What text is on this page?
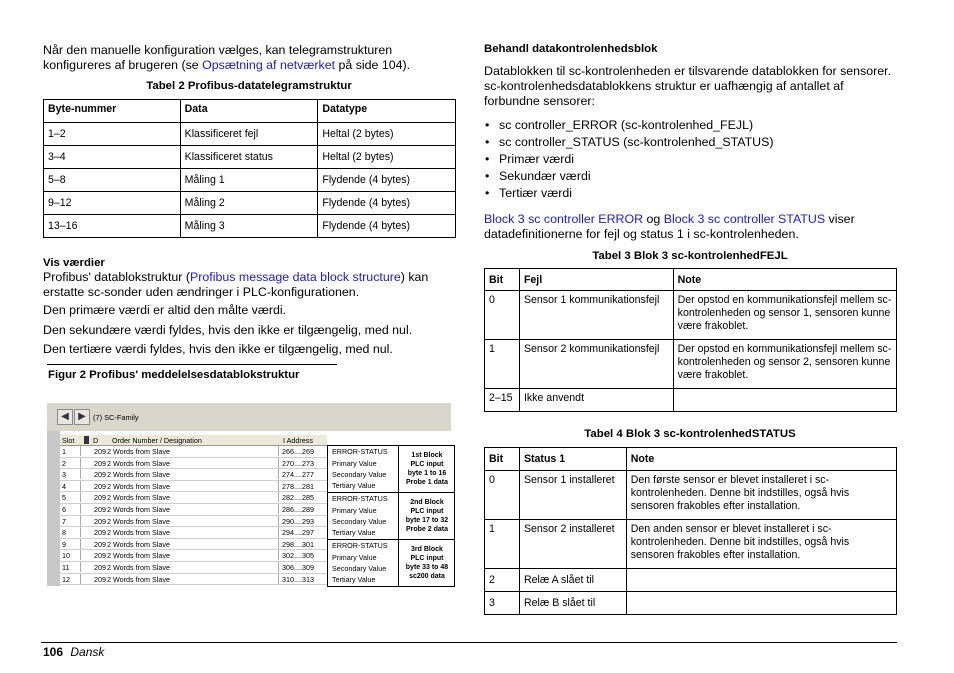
Når den manuelle konfiguration vælges, kan telegramstrukturen konfigureres af brugeren (se Opsætning af netværket på side 104).

Tabel 2 Profibus-datatelegramstruktur
Byte-nummer	Data	Datatype
1–2	Klassificeret fejl	Heltal (2 bytes)
3–4	Klassificeret status	Heltal (2 bytes)
5–8	Måling 1	Flydende (4 bytes)
9–12	Måling 2	Flydende (4 bytes)
13–16	Måling 3	Flydende (4 bytes)
Vis værdier

Profibus' datablokstruktur (Profibus message data block structure) kan erstatte sc-sonder uden ændringer i PLC-konfigurationen.

Den primære værdi er altid den målte værdi.

Den sekundære værdi fyldes, hvis den ikke er tilgængelig, med nul.

Den tertiære værdi fyldes, hvis den ikke er tilgængelig, med nul.

Figur 2 Profibus' meddelelsesdatablokstruktur
◀ ▶ (7) SC-Family
Slot	D Order Number / Designation	I Address
1	209 2 Words from Slave	266....269
2	209 2 Words from Slave	270....273
3	209 2 Words from Slave	274....277
4	209 2 Words from Slave	278....281
5	209 2 Words from Slave	282....285
6	209 2 Words from Slave	286....289
7	209 2 Words from Slave	290....293
8	209 2 Words from Slave	294....297
9	209 2 Words from Slave	298....301
10	209 2 Words from Slave	302....305
11	209 2 Words from Slave	306....309
12	209 2 Words from Slave	310....313
ERROR-STATUS
Primary Value
Secondary Value
Tertiary Value
1st Block
PLC input
byte 1 to 16
Probe 1 data
ERROR-STATUS
Primary Value
Secondary Value
Tertiary Value
2nd Block
PLC input
byte 17 to 32
Probe 2 data
ERROR-STATUS
Primary Value
Secondary Value
Tertiary Value
3rd Block
PLC input
byte 33 to 48
sc200 data
Behandl datakontrolenhedsblok

Datablokken til sc-kontrolenheden er tilsvarende datablokken for sensorer. sc-kontrolenhedsdatablokkens struktur er uafhængig af antallet af forbundne sensorer:

• sc controller_ERROR (sc-kontrolenhed_FEJL)
• sc controller_STATUS (sc-kontrolenhed_STATUS)
• Primær værdi
• Sekundær værdi
• Tertiær værdi

Block 3 sc controller ERROR og Block 3 sc controller STATUS viser datadefinitionerne for fejl og status 1 i sc-kontrolenheden.

Tabel 3 Blok 3 sc-kontrolenhedFEJL
Bit	Fejl	Note
0	Sensor 1 kommunikationsfejl	Der opstod en kommunikationsfejl mellem sc-kontrolenheden og sensor 1, sensoren kunne være frakoblet.
1	Sensor 2 kommunikationsfejl	Der opstod en kommunikationsfejl mellem sc-kontrolenheden og sensor 2, sensoren kunne være frakoblet.
2–15	Ikke anvendt	
Tabel 4 Blok 3 sc-kontrolenhedSTATUS
Bit	Status 1	Note
0	Sensor 1 installeret	Den første sensor er blevet installeret i sc-kontrolenheden. Denne bit indstilles, også hvis sensoren frakobles efter installation.
1	Sensor 2 installeret	Den anden sensor er blevet installeret i sc-kontrolenheden. Denne bit indstilles, også hvis sensoren frakobles efter installation.
2	Relæ A slået til	
3	Relæ B slået til	
106 Dansk
